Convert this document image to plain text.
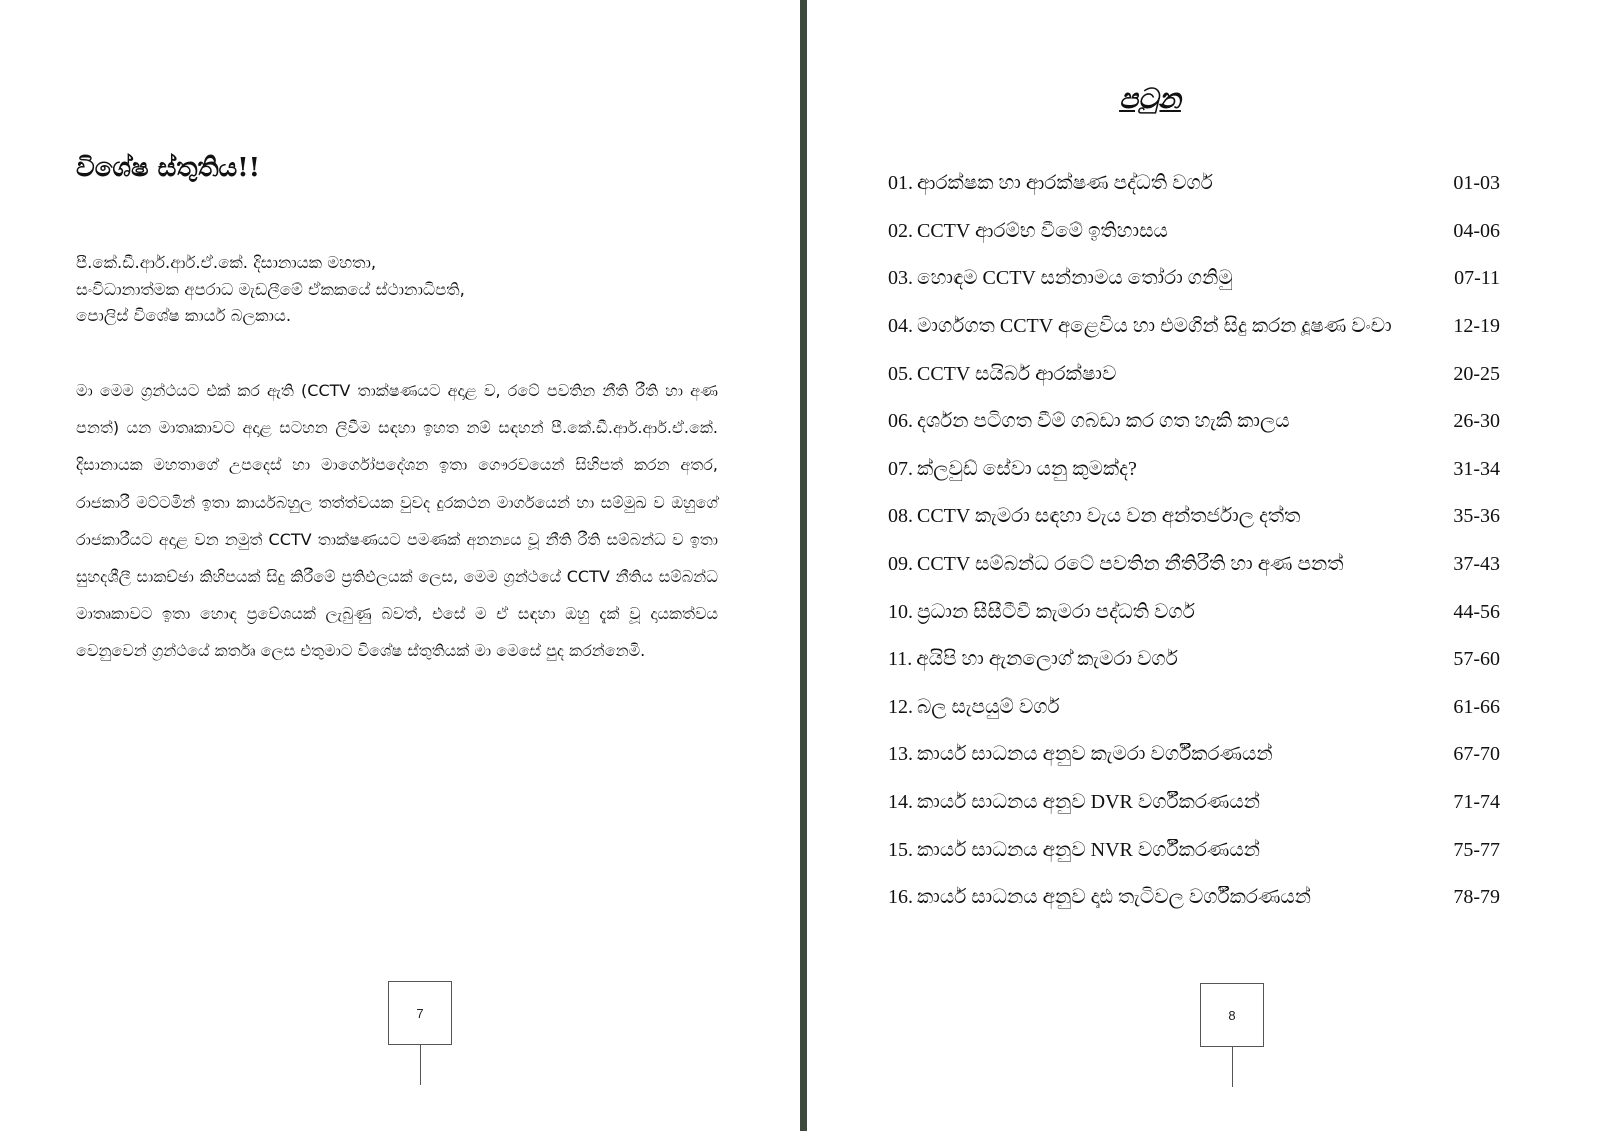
විශේෂ ස්තුතිය!!
පී.කේ.ඩී.ආර්.ආර්.ඒ.කේ. දිසානායක මහතා,
සංවිධානාත්මක අපරාධ මැඩලීමේ ඒකකයේ ස්ථානාධිපති,
පොලිස් විශේෂ කාර්ය බලකාය.

මා මෙම ග්‍රන්ථයට එක් කර ඇති (CCTV තාක්ෂණයට අදාළ ව, රටේ පවතින නීති රීති හා අණ පනත්) යන මාතෘකාවට අදාළ සටහන ලිවීම සඳහා ඉහත නම් සඳහන් පී.කේ.ඩී.ආර්.ආර්.ඒ.කේ. දිසානායක මහතාගේ උපදෙස් හා මාර්ගෝපදේශන ඉතා ගෞරවයෙන් සිහිපත් කරන අතර, රාජකාරී මට්ටමින් ඉතා කාර්යබහුල තත්ත්වයක වුවද දුරකථන මාර්ගයෙන් හා සම්මුඛ ව ඔහුගේ රාජකාරීයට අදාළ වන නමුත් CCTV තාක්ෂණයට පමණක් අනන්‍යය වූ නීති රීති සම්බන්ධ ව ඉතා සුහදශීලී සාකච්ඡා කිහිපයක් සිදු කිරීමේ ප්‍රතිඵලයක් ලෙස, මෙම ග්‍රන්ථයේ CCTV නීතිය සම්බන්ධ මාතෘකාවට ඉතා හොඳ ප්‍රවේශයක් ලැබුණු බවත්, එසේ ම ඒ සඳහා ඔහු දැක් වූ දායකත්වය වෙනුවෙන් ග්‍රන්ථයේ කර්තෘ ලෙස එතුමාට විශේෂ ස්තුතියක් මා මෙසේ පුද කරන්නෙමි.

7
පටුන
01. ආරක්ෂක හා ආරක්ෂණ පද්ධති වර්ග	01-03
02. CCTV ආරම්භ වීමේ ඉතිහාසය	04-06
03. හොඳම CCTV සන්නාමය තෝරා ගනිමු	07-11
04. මාර්ගගත CCTV අළෙවිය හා එමගින් සිදු කරන දූෂණ වංචා	12-19
05. CCTV සයිබර් ආරක්ෂාව	20-25
06. දර්ශන පටිගත වීම් ගබඩා කර ගත හැකි කාලය	26-30
07. ක්ලවුඩ් සේවා යනු කුමක්ද?	31-34
08. CCTV කැමරා සඳහා වැය වන අන්තර්ජාල දත්ත	35-36
09. CCTV සම්බන්ධ රටේ පවතින නීතිරීති හා අණ පනත්	37-43
10. ප්‍රධාන සීසීටීවී කැමරා පද්ධති වර්ග	44-56
11. අයිපි හා ඇනලොග් කැමරා වර්ග	57-60
12. බල සැපයුම් වර්ග	61-66
13. කාර්ය සාධනය අනුව කැමරා වර්ගීකරණයන්	67-70
14. කාර්ය සාධනය අනුව DVR වර්ගීකරණයන්	71-74
15. කාර්ය සාධනය අනුව NVR වර්ගීකරණයන්	75-77
16. කාර්ය සාධනය අනුව දෘඪ තැටිවල වර්ගීකරණයන්	78-79
8
